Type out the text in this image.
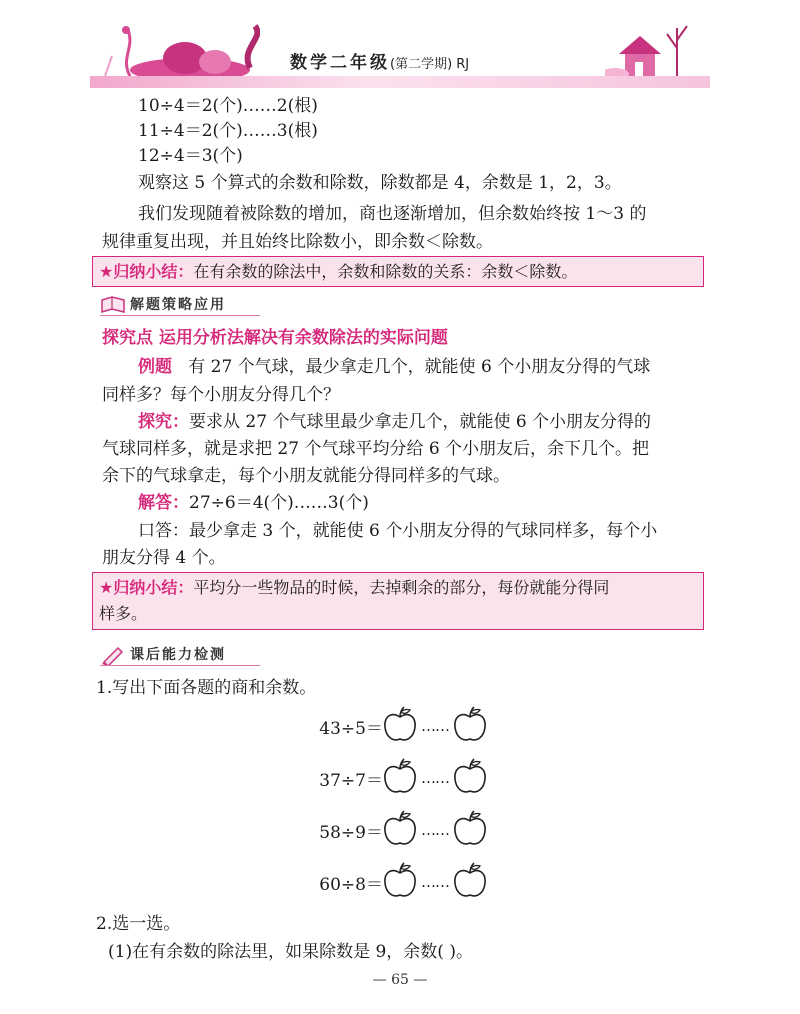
数学二年级(第二学期) RJ
10÷4＝2(个)……2(根)
11÷4＝2(个)……3(根)
12÷4＝3(个)
观察这 5 个算式的余数和除数，除数都是 4，余数是 1，2，3。
我们发现随着被除数的增加，商也逐渐增加，但余数始终按 1～3 的
规律重复出现，并且始终比除数小，即余数＜除数。
★归纳小结：在有余数的除法中，余数和除数的关系：余数＜除数。
解题策略应用
探究点 运用分析法解决有余数除法的实际问题
例题 有 27 个气球，最少拿走几个，就能使 6 个小朋友分得的气球
同样多？每个小朋友分得几个？
探究：要求从 27 个气球里最少拿走几个，就能使 6 个小朋友分得的
气球同样多，就是求把 27 个气球平均分给 6 个小朋友后，余下几个。把
余下的气球拿走，每个小朋友就能分得同样多的气球。
解答：27÷6＝4(个)……3(个)
口答：最少拿走 3 个，就能使 6 个小朋友分得的气球同样多，每个小
朋友分得 4 个。
★归纳小结：平均分一些物品的时候，去掉剩余的部分，每份就能分得同
样多。
课后能力检测
1.写出下面各题的商和余数。
43÷5＝	……
37÷7＝	……
58÷9＝	……
60÷8＝	……
2.选一选。
(1)在有余数的除法里，如果除数是 9，余数( )。
— 65 —
